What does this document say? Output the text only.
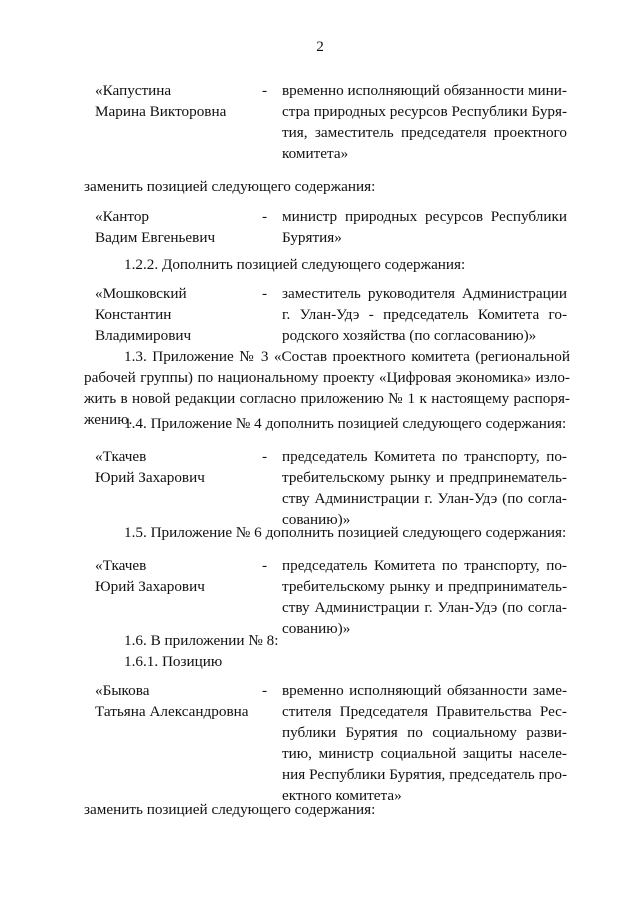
2
«Капустина
Марина Викторовна
- временно исполняющий обязанности мини-
стра природных ресурсов Республики Буря-
тия, заместитель председателя проектного
комитета»
заменить позицией следующего содержания:
«Кантор
Вадим Евгеньевич
- министр природных ресурсов Республики
Бурятия»
1.2.2. Дополнить позицией следующего содержания:
«Мошковский
Константин
Владимирович
- заместитель руководителя Администрации
г. Улан-Удэ - председатель Комитета го-
родского хозяйства (по согласованию)»
1.3. Приложение № 3 «Состав проектного комитета (региональной
рабочей группы) по национальному проекту «Цифровая экономика» изло-
жить в новой редакции согласно приложению № 1 к настоящему распоря-
жению.
1.4. Приложение № 4 дополнить позицией следующего содержания:
«Ткачев
Юрий Захарович
- председатель Комитета по транспорту, по-
требительскому рынку и предпринематель-
ству Администрации г. Улан-Удэ (по согла-
сованию)»
1.5. Приложение № 6 дополнить позицией следующего содержания:
«Ткачев
Юрий Захарович
- председатель Комитета по транспорту, по-
требительскому рынку и предприниматель-
ству Администрации г. Улан-Удэ (по согла-
сованию)»
1.6. В приложении № 8:
1.6.1. Позицию
«Быкова
Татьяна Александровна
- временно исполняющий обязанности заме-
стителя Председателя Правительства Рес-
публики Бурятия по социальному разви-
тию, министр социальной защиты населе-
ния Республики Бурятия, председатель про-
ектного комитета»
заменить позицией следующего содержания:
